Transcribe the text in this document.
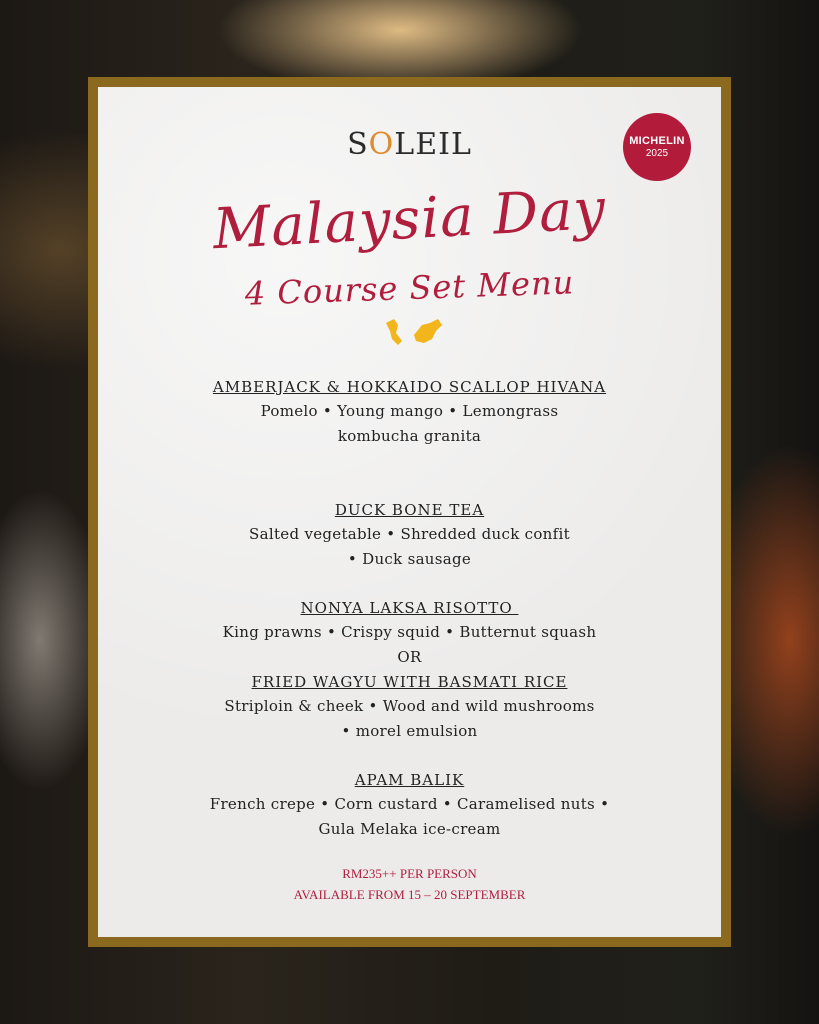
SOLEIL	MICHELIN
2025
Malaysia Day
4 Course Set Menu

AMBERJACK & HOKKAIDO SCALLOP HIVANA

Pomelo • Young mango • Lemongrass

kombucha granita

DUCK BONE TEA

Salted vegetable • Shredded duck confit

• Duck sausage

NONYA LAKSA RISOTTO

King prawns • Crispy squid • Butternut squash

OR

FRIED WAGYU WITH BASMATI RICE

Striploin & cheek • Wood and wild mushrooms

• morel emulsion

APAM BALIK

French crepe • Corn custard • Caramelised nuts •

Gula Melaka ice-cream

RM235++ PER PERSON
AVAILABLE FROM 15 – 20 SEPTEMBER
